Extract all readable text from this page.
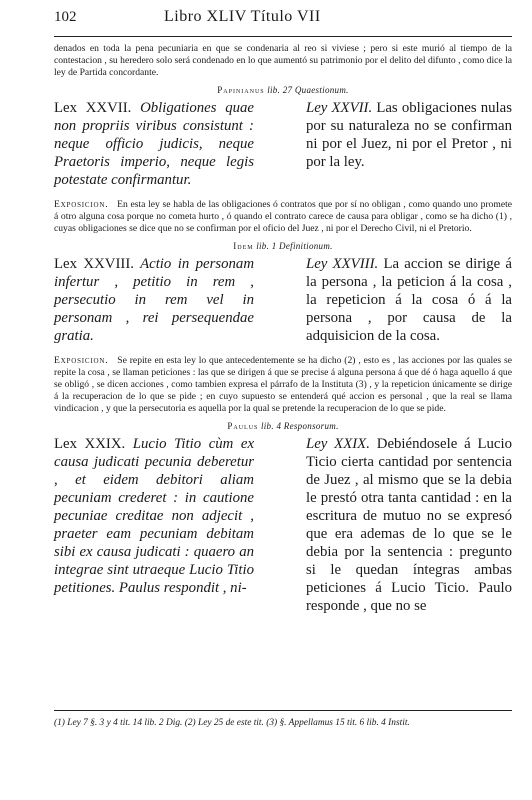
102	Libro XLIV Título VII
denados en toda la pena pecuniaria en que se condenaria al reo si viviese ; pero si este murió al tiempo de la contestacion , su heredero solo será condenado en lo que aumentó su patrimonio por el delito del difunto , como dice la ley de Partida concordante.
Papinianus lib. 27 Quaestionum.
Lex XXVII. Obligationes quae non propriis viribus consistunt : neque officio judicis, neque Praetoris imperio, neque legis potestate confirmantur.
Ley XXVII. Las obligaciones nulas por su naturaleza no se confirman ni por el Juez, ni por el Pretor , ni por la ley.
Exposicion. En esta ley se habla de las obligaciones ó contratos que por sí no obligan , como quando uno promete á otro alguna cosa porque no cometa hurto , ó quando el contrato carece de causa para obligar , como se ha dicho (1) , cuyas obligaciones se dice que no se confirman por el oficio del Juez , ni por el Derecho Civil, ni el Pretorio.
Idem lib. 1 Definitionum.
Lex XXVIII. Actio in personam infertur , petitio in rem , persecutio in rem vel in personam , rei persequendae gratia.
Ley XXVIII. La accion se dirige á la persona , la peticion á la cosa , la repeticion á la cosa ó á la persona , por causa de la adquisicion de la cosa.
Exposicion. Se repite en esta ley lo que antecedentemente se ha dicho (2) , esto es , las acciones por las quales se repite la cosa , se llaman peticiones : las que se dirigen á que se precise á alguna persona á que dé ó haga aquello á que se obligó , se dicen acciones , como tambien expresa el párrafo de la Instituta (3) , y la repeticion únicamente se dirige á la recuperacion de lo que se pide ; en cuyo supuesto se entenderá qué accion es personal , que la real se llama vindicacion , y que la persecutoria es aquella por la qual se pretende la recuperacion de lo que se pide.
Paulus lib. 4 Responsorum.
Lex XXIX. Lucio Titio cùm ex causa judicati pecunia deberetur , et eidem debitori aliam pecuniam crederet : in cautione pecuniae creditae non adjecit , praeter eam pecuniam debitam sibi ex causa judicati : quaero an integrae sint utraeque Lucio Titio petitiones. Paulus respondit , ni-
Ley XXIX. Debiéndosele á Lucio Ticio cierta cantidad por sentencia de Juez , al mismo que se la debia le prestó otra tanta cantidad : en la escritura de mutuo no se expresó que era ademas de lo que se le debia por la sentencia : pregunto si le quedan íntegras ambas peticiones á Lucio Ticio. Paulo responde , que no se
(1) Ley 7 §. 3 y 4 tit. 14 lib. 2 Dig. (2) Ley 25 de este tit. (3) §. Appellamus 15 tit. 6 lib. 4 Instit.
